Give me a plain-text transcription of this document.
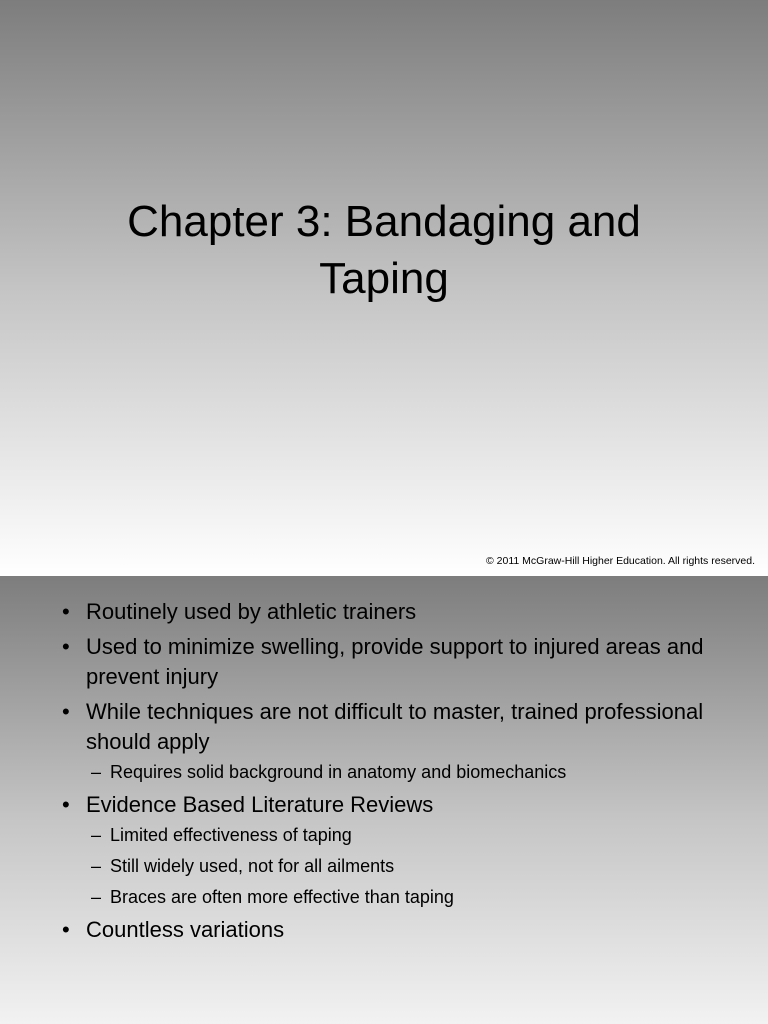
Chapter 3: Bandaging and
Taping
© 2011 McGraw-Hill Higher Education. All rights reserved.
• Routinely used by athletic trainers
• Used to minimize swelling, provide support to injured areas and prevent injury
• While techniques are not difficult to master, trained professional should apply
– Requires solid background in anatomy and biomechanics
• Evidence Based Literature Reviews
– Limited effectiveness of taping
– Still widely used, not for all ailments
– Braces are often more effective than taping
• Countless variations
